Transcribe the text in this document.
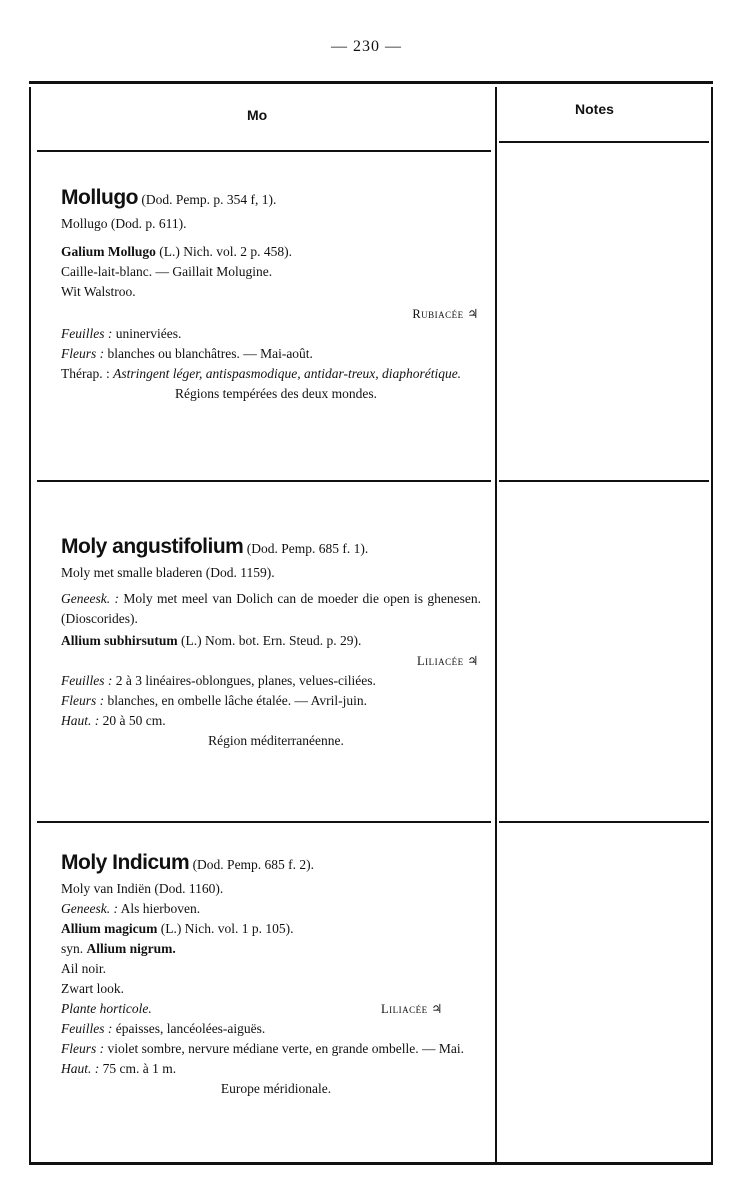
— 230 —
Mo	Notes
Mollugo (Dod. Pemp. p. 354 f, 1).
Mollugo (Dod. p. 611).
Galium Mollugo (L.) Nich. vol. 2 p. 458).
Caille-lait-blanc. — Gaillait Molugine.
Wit Walstroo.
Rubiacée ♃
Feuilles : uninerviées.
Fleurs : blanches ou blanchâtres. — Mai-août.
Thérap. : Astringent léger, antispasmodique, antidar-treux, diaphorétique.
Régions tempérées des deux mondes.
Moly angustifolium (Dod. Pemp. 685 f. 1).
Moly met smalle bladeren (Dod. 1159).
Geneesk. : Moly met meel van Dolich can de moeder die open is ghenesen. (Dioscorides).
Allium subhirsutum (L.) Nom. bot. Ern. Steud. p. 29).
Liliacée ♃
Feuilles : 2 à 3 linéaires-oblongues, planes, velues-ciliées.
Fleurs : blanches, en ombelle lâche étalée. — Avril-juin.
Haut. : 20 à 50 cm.
Région méditerranéenne.
Moly Indicum (Dod. Pemp. 685 f. 2).
Moly van Indiën (Dod. 1160).
Geneesk. : Als hierboven.
Allium magicum (L.) Nich. vol. 1 p. 105).
syn. Allium nigrum.
Ail noir.
Zwart look.
Plante horticole.	Liliacée ♃
Feuilles : épaisses, lancéolées-aiguës.
Fleurs : violet sombre, nervure médiane verte, en grande ombelle. — Mai.
Haut. : 75 cm. à 1 m.
Europe méridionale.
